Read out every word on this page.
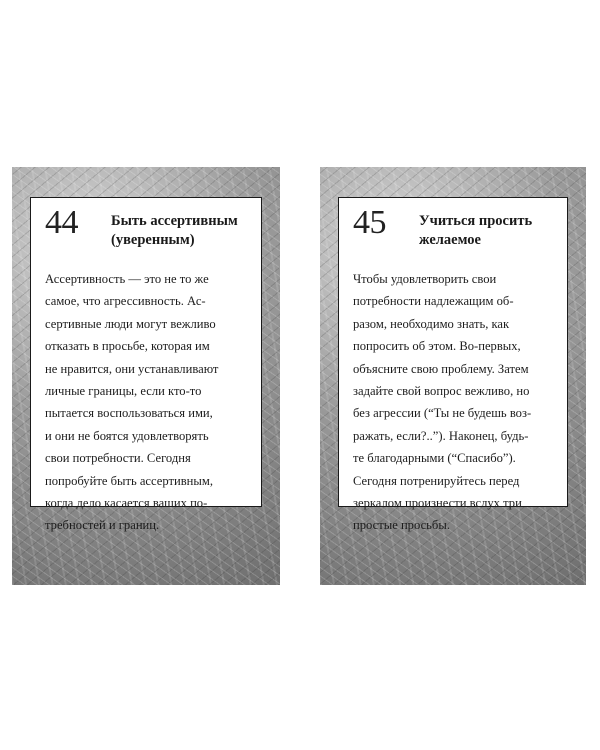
44 Быть ассертивным
(уверенным)
Ассертивность — это не то же
самое, что агрессивность. Ас-
сертивные люди могут вежливо
отказать в просьбе, которая им
не нравится, они устанавливают
личные границы, если кто-то
пытается воспользоваться ими,
и они не боятся удовлетворять
свои потребности. Сегодня
попробуйте быть ассертивным,
когда дело касается ваших по-
требностей и границ.
45 Учиться просить
желаемое
Чтобы удовлетворить свои
потребности надлежащим об-
разом, необходимо знать, как
попросить об этом. Во-первых,
объясните свою проблему. Затем
задайте свой вопрос вежливо, но
без агрессии (“Ты не будешь воз-
ражать, если?..”). Наконец, будь-
те благодарными (“Спасибо”).
Сегодня потренируйтесь перед
зеркалом произнести вслух три
простые просьбы.
